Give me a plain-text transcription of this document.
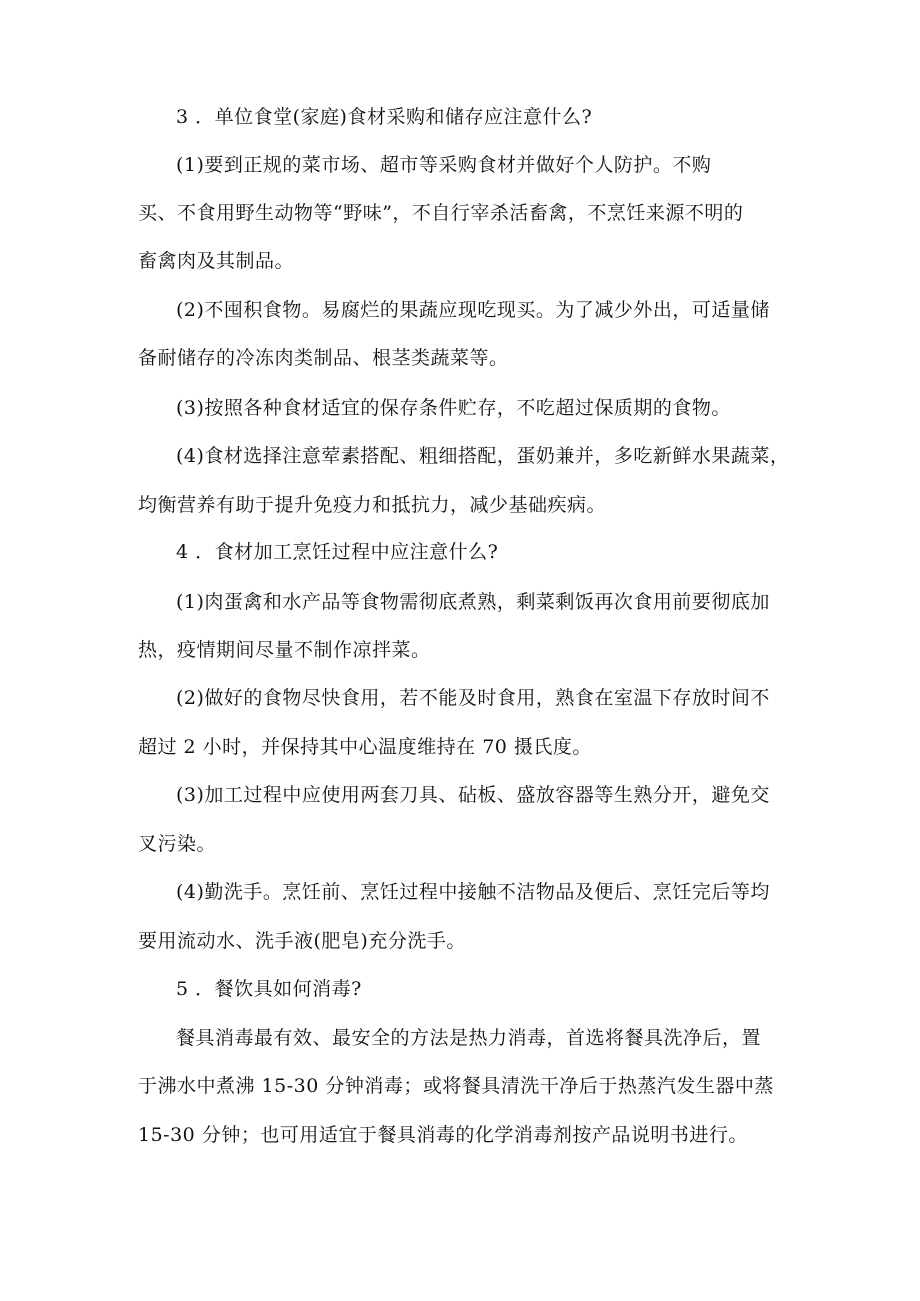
3 ．单位食堂(家庭)食材采购和储存应注意什么?
(1)要到正规的菜市场、超市等采购食材并做好个人防护。不购
买、不食用野生动物等“野味”，不自行宰杀活畜禽，不烹饪来源不明的
畜禽肉及其制品。
(2)不囤积食物。易腐烂的果蔬应现吃现买。为了减少外出，可适量储
备耐储存的冷冻肉类制品、根茎类蔬菜等。
(3)按照各种食材适宜的保存条件贮存，不吃超过保质期的食物。
(4)食材选择注意荤素搭配、粗细搭配，蛋奶兼并，多吃新鲜水果蔬菜，
均衡营养有助于提升免疫力和抵抗力，减少基础疾病。
4 ．食材加工烹饪过程中应注意什么?
(1)肉蛋禽和水产品等食物需彻底煮熟，剩菜剩饭再次食用前要彻底加
热，疫情期间尽量不制作凉拌菜。
(2)做好的食物尽快食用，若不能及时食用，熟食在室温下存放时间不
超过 2 小时，并保持其中心温度维持在 70 摄氏度。
(3)加工过程中应使用两套刀具、砧板、盛放容器等生熟分开，避免交
叉污染。
(4)勤洗手。烹饪前、烹饪过程中接触不洁物品及便后、烹饪完后等均
要用流动水、洗手液(肥皂)充分洗手。
5 ．餐饮具如何消毒?
餐具消毒最有效、最安全的方法是热力消毒，首选将餐具洗净后，置
于沸水中煮沸 15-30 分钟消毒；或将餐具清洗干净后于热蒸汽发生器中蒸
15-30 分钟；也可用适宜于餐具消毒的化学消毒剂按产品说明书进行。
